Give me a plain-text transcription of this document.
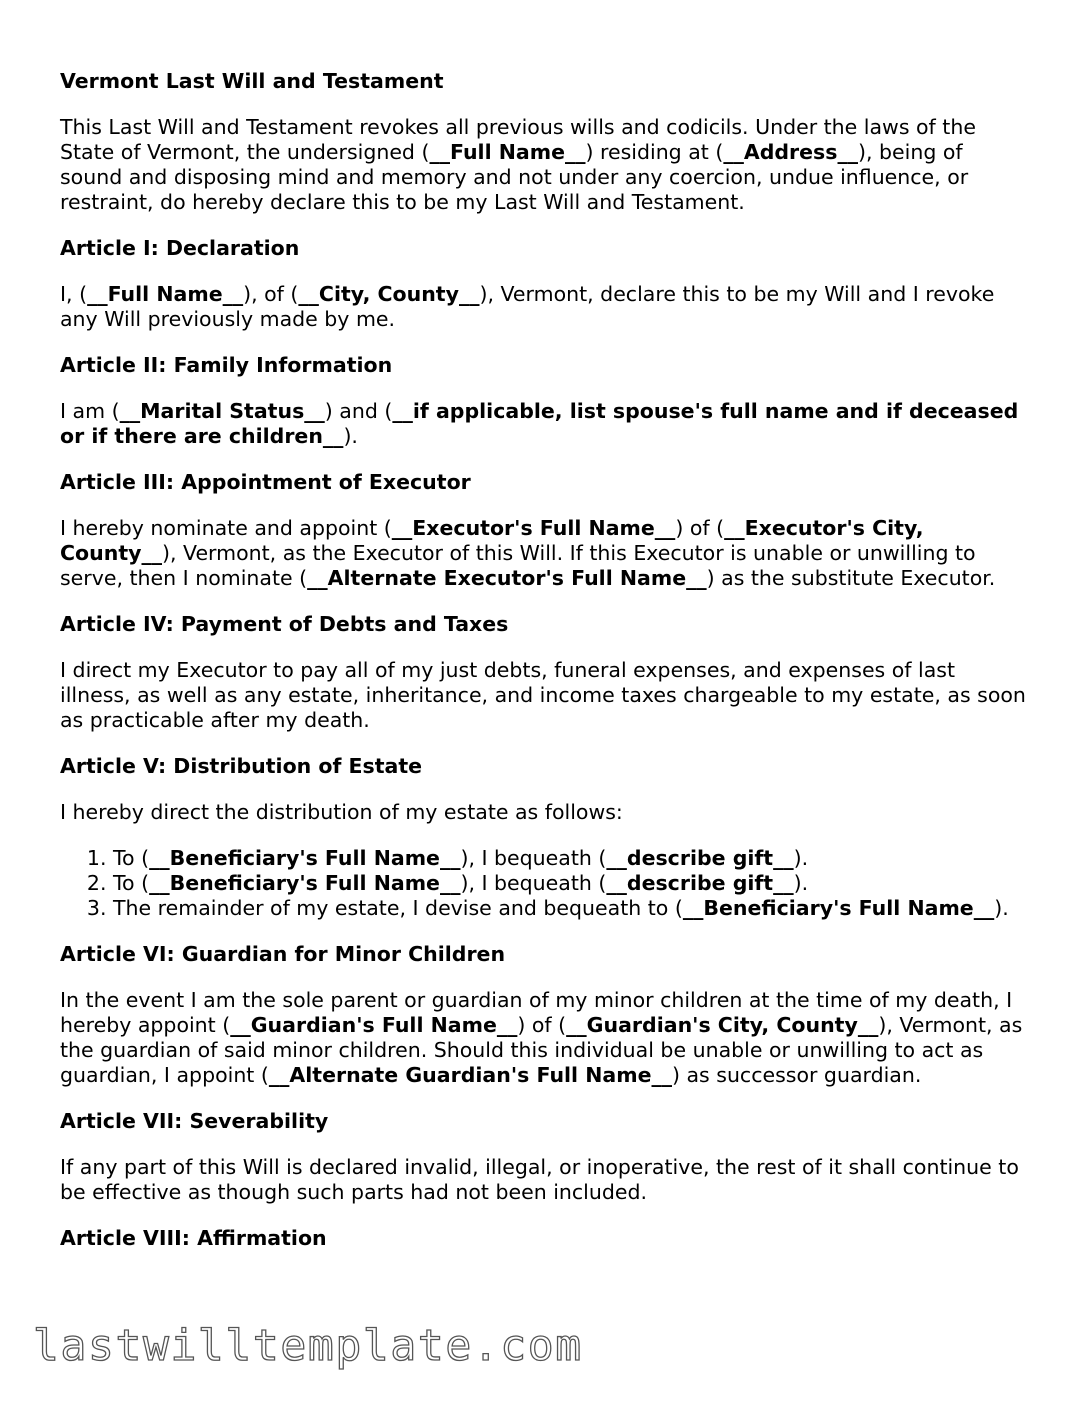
Vermont Last Will and Testament
This Last Will and Testament revokes all previous wills and codicils. Under the laws of the State of Vermont, the undersigned (__Full Name__) residing at (__Address__), being of sound and disposing mind and memory and not under any coercion, undue influence, or restraint, do hereby declare this to be my Last Will and Testament.
Article I: Declaration
I, (__Full Name__), of (__City, County__), Vermont, declare this to be my Will and I revoke any Will previously made by me.
Article II: Family Information
I am (__Marital Status__) and (__if applicable, list spouse's full name and if deceased or if there are children__).
Article III: Appointment of Executor
I hereby nominate and appoint (__Executor's Full Name__) of (__Executor's City, County__), Vermont, as the Executor of this Will. If this Executor is unable or unwilling to serve, then I nominate (__Alternate Executor's Full Name__) as the substitute Executor.
Article IV: Payment of Debts and Taxes
I direct my Executor to pay all of my just debts, funeral expenses, and expenses of last illness, as well as any estate, inheritance, and income taxes chargeable to my estate, as soon as practicable after my death.
Article V: Distribution of Estate
I hereby direct the distribution of my estate as follows:
1. To (__Beneficiary's Full Name__), I bequeath (__describe gift__).
2. To (__Beneficiary's Full Name__), I bequeath (__describe gift__).
3. The remainder of my estate, I devise and bequeath to (__Beneficiary's Full Name__).
Article VI: Guardian for Minor Children
In the event I am the sole parent or guardian of my minor children at the time of my death, I hereby appoint (__Guardian's Full Name__) of (__Guardian's City, County__), Vermont, as the guardian of said minor children. Should this individual be unable or unwilling to act as guardian, I appoint (__Alternate Guardian's Full Name__) as successor guardian.
Article VII: Severability
If any part of this Will is declared invalid, illegal, or inoperative, the rest of it shall continue to be effective as though such parts had not been included.
Article VIII: Affirmation
lastwilltemplate.com
